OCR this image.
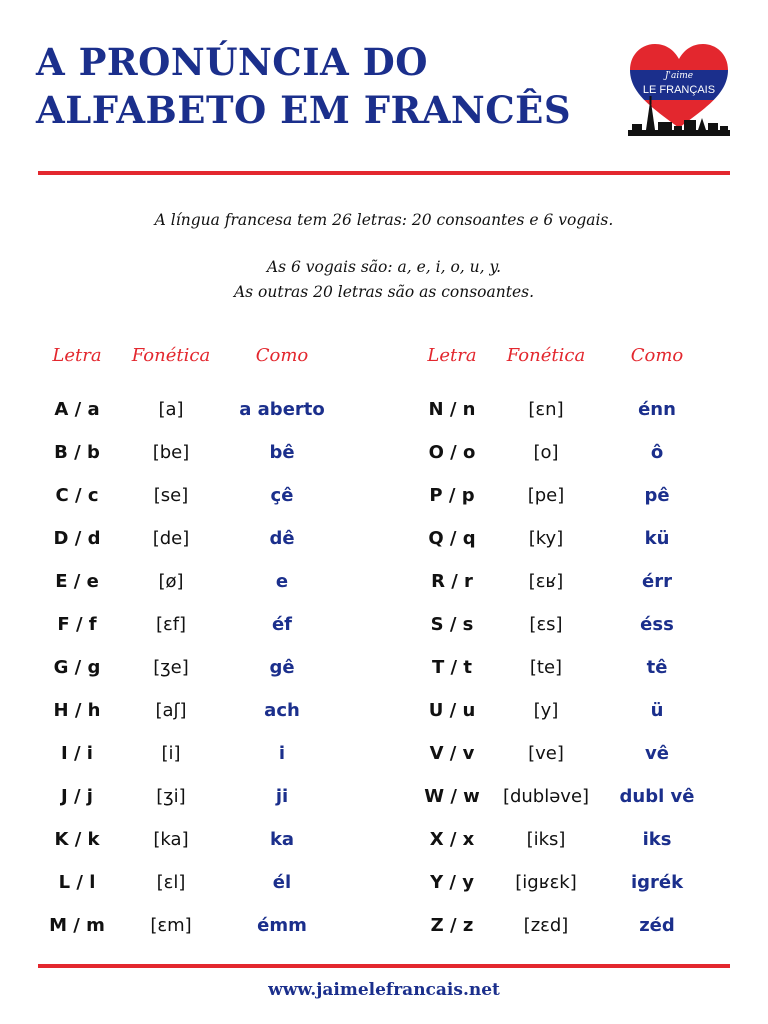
A PRONÚNCIA DO
ALFABETO EM FRANCÊS
J'aime
LE FRANÇAIS

A língua francesa tem 26 letras: 20 consoantes e 6 vogais.

As 6 vogais são: a, e, i, o, u, y.
As outras 20 letras são as consoantes.

Letra	Fonética	Como
A / a	[a]	a aberto
B / b	[be]	bê
C / c	[se]	çê
D / d	[de]	dê
E / e	[ø]	e
F / f	[ɛf]	éf
G / g	[ʒe]	gê
H / h	[aʃ]	ach
I / i	[i]	i
J / j	[ʒi]	ji
K / k	[ka]	ka
L / l	[ɛl]	él
M / m	[ɛm]	émm
Letra	Fonética	Como
N / n	[ɛn]	énn
O / o	[o]	ô
P / p	[pe]	pê
Q / q	[ky]	kü
R / r	[ɛʁ]	érr
S / s	[ɛs]	éss
T / t	[te]	tê
U / u	[y]	ü
V / v	[ve]	vê
W / w	[dubləve]	dubl vê
X / x	[iks]	iks
Y / y	[igʁɛk]	igrék
Z / z	[zɛd]	zéd
www.jaimelefrancais.net
